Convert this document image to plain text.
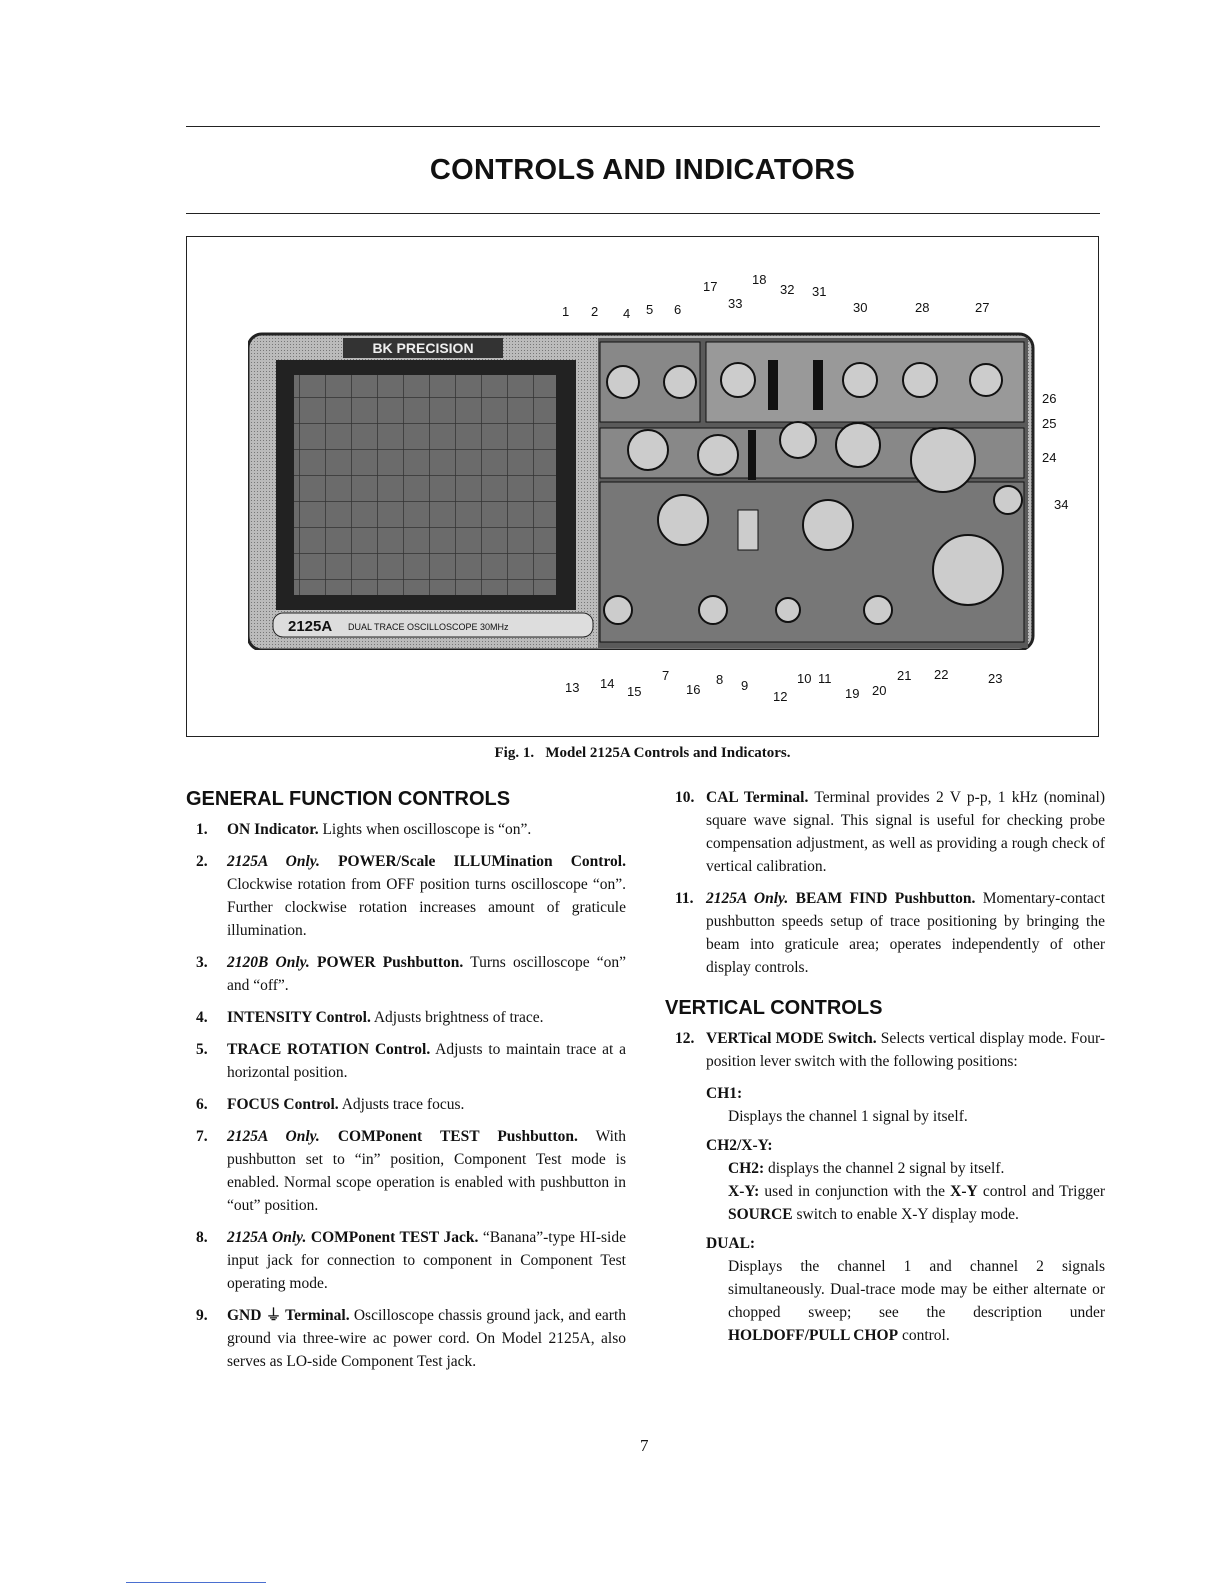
CONTROLS AND INDICATORS
BK PRECISION
2125A DUAL TRACE OSCILLOSCOPE 30MHz
1 2 4 5 6
17	18
33
32 31
30	28	27
26
25
24
34
13 14
15
7
16
8 9
12
10 11
19 20
21 22	23
Fig. 1. Model 2125A Controls and Indicators.
GENERAL FUNCTION CONTROLS
1. ON Indicator. Lights when oscilloscope is “on”.
2. 2125A Only. POWER/Scale ILLUMination Control. Clockwise rotation from OFF position turns oscilloscope “on”. Further clockwise rotation increases amount of graticule illumination.
3. 2120B Only. POWER Pushbutton. Turns oscilloscope “on” and “off”.
4. INTENSITY Control. Adjusts brightness of trace.
5. TRACE ROTATION Control. Adjusts to maintain trace at a horizontal position.
6. FOCUS Control. Adjusts trace focus.
7. 2125A Only. COMPonent TEST Pushbutton. With pushbutton set to “in” position, Component Test mode is enabled. Normal scope operation is enabled with pushbutton in “out” position.
8. 2125A Only. COMPonent TEST Jack. “Banana”-type HI-side input jack for connection to component in Component Test operating mode.
9. GND ⏚ Terminal. Oscilloscope chassis ground jack, and earth ground via three-wire ac power cord. On Model 2125A, also serves as LO-side Component Test jack.
10. CAL Terminal. Terminal provides 2 V p-p, 1 kHz (nominal) square wave signal. This signal is useful for checking probe compensation adjustment, as well as providing a rough check of vertical calibration.
11. 2125A Only. BEAM FIND Pushbutton. Momentary-contact pushbutton speeds setup of trace positioning by bringing the beam into graticule area; operates independently of other display controls.
VERTICAL CONTROLS
12. VERTical MODE Switch. Selects vertical display mode. Four-position lever switch with the following positions:
CH1:
Displays the channel 1 signal by itself.
CH2/X-Y:
CH2: displays the channel 2 signal by itself.
X-Y: used in conjunction with the X-Y control and Trigger SOURCE switch to enable X-Y display mode.
DUAL:
Displays the channel 1 and channel 2 signals simultaneously. Dual-trace mode may be either alternate or chopped sweep; see the description under HOLDOFF/PULL CHOP control.
7
